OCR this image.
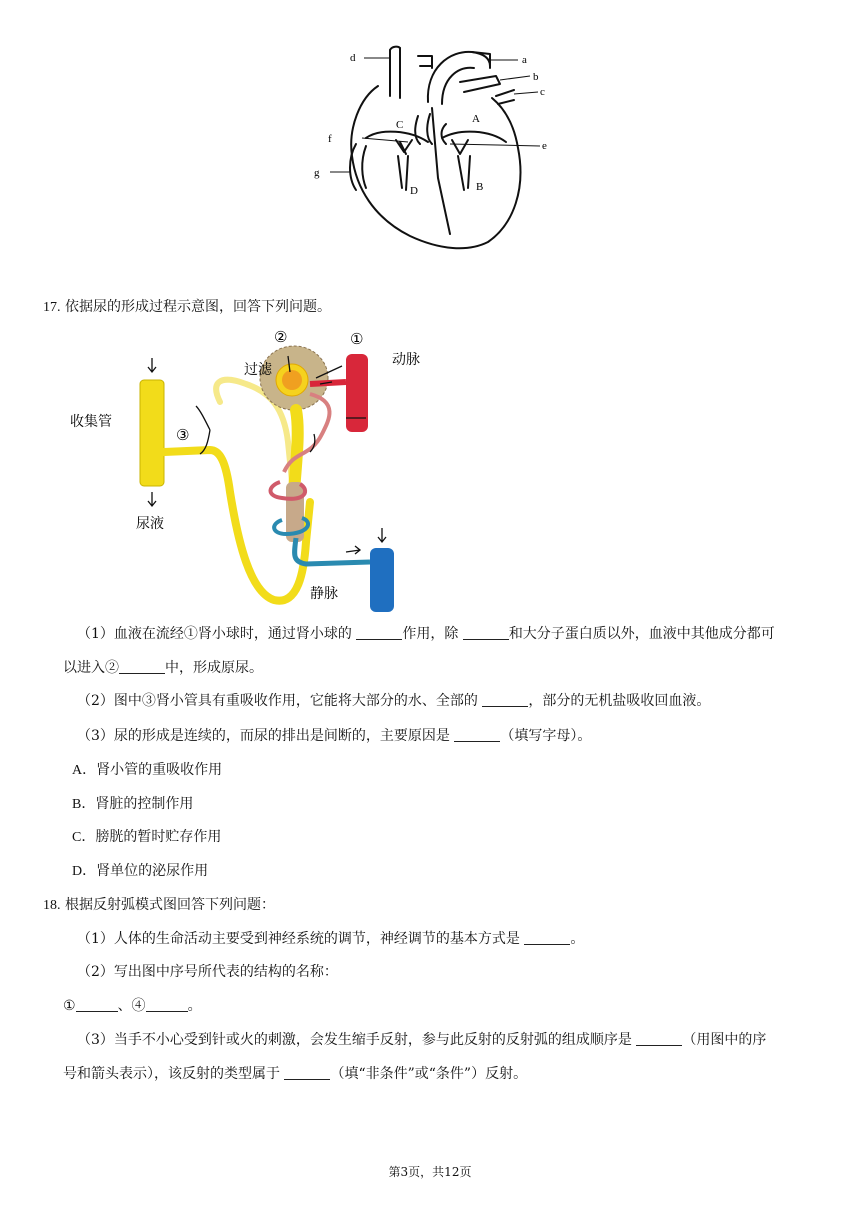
d	a
b
c
f
e
g
C	A
D	B
17. 依据尿的形成过程示意图，回答下列问题。
②	①
过滤
动脉
收集管
③
尿液
静脉
（1）血液在流经①肾小球时，通过肾小球的	作用，除	和大分子蛋白质以外，血液中其他成分都可
以进入②	中，形成原尿。
（2）图中③肾小管具有重吸收作用，它能将大部分的水、全部的	，部分的无机盐吸收回血液。
（3）尿的形成是连续的，而尿的排出是间断的，主要原因是	（填写字母）。
A．肾小管的重吸收作用
B．肾脏的控制作用
C．膀胱的暂时贮存作用
D．肾单位的泌尿作用
18. 根据反射弧模式图回答下列问题：
（1）人体的生命活动主要受到神经系统的调节，神经调节的基本方式是	。
（2）写出图中序号所代表的结构的名称：
①	、④	。
（3）当手不小心受到针或火的刺激，会发生缩手反射，参与此反射的反射弧的组成顺序是	（用图中的序
号和箭头表示），该反射的类型属于	（填“非条件”或“条件”）反射。
第3页，共12页
